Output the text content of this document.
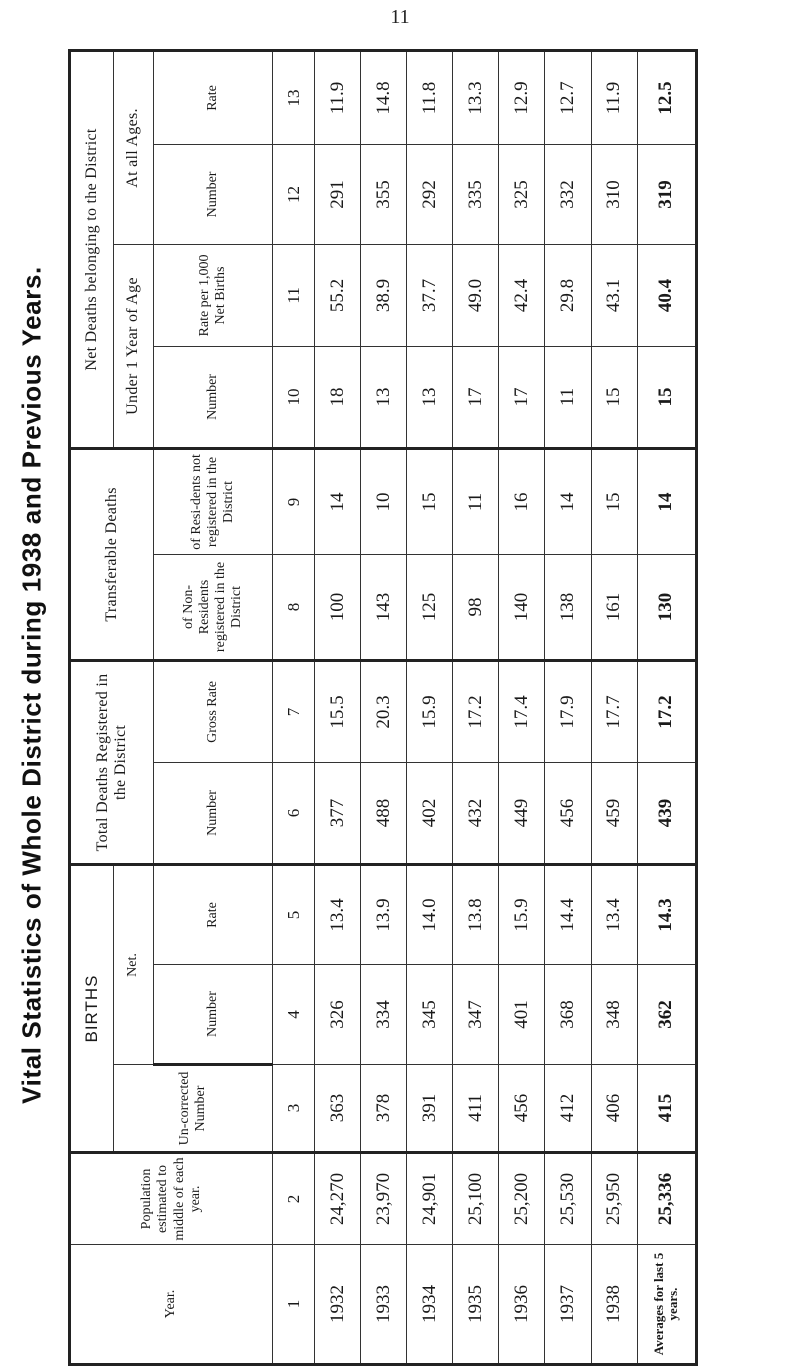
11
Vital Statistics of Whole District during 1938 and Previous Years.
Year.	Population estimated to middle of each year.	BIRTHS			Total Deaths Registered in the District		Transferable Deaths		Net Deaths belonging to the District			
		Un-corrected Number	Net.						Under 1 Year of Age		At all Ages.	
			Number	Rate	Number	Gross Rate	of Non-Residents registered in the District	of Resi-dents not registered in the District	Number	Rate per 1,000 Net Births	Number	Rate
1	2	3	4	5	6	7	8	9	10	11	12	13
1932	24,270	363	326	13.4	377	15.5	100	14	18	55.2	291	11.9
1933	23,970	378	334	13.9	488	20.3	143	10	13	38.9	355	14.8
1934	24,901	391	345	14.0	402	15.9	125	15	13	37.7	292	11.8
1935	25,100	411	347	13.8	432	17.2	98	11	17	49.0	335	13.3
1936	25,200	456	401	15.9	449	17.4	140	16	17	42.4	325	12.9
1937	25,530	412	368	14.4	456	17.9	138	14	11	29.8	332	12.7
1938	25,950	406	348	13.4	459	17.7	161	15	15	43.1	310	11.9
Averages for last 5 years.	25,336	415	362	14.3	439	17.2	130	14	15	40.4	319	12.5
